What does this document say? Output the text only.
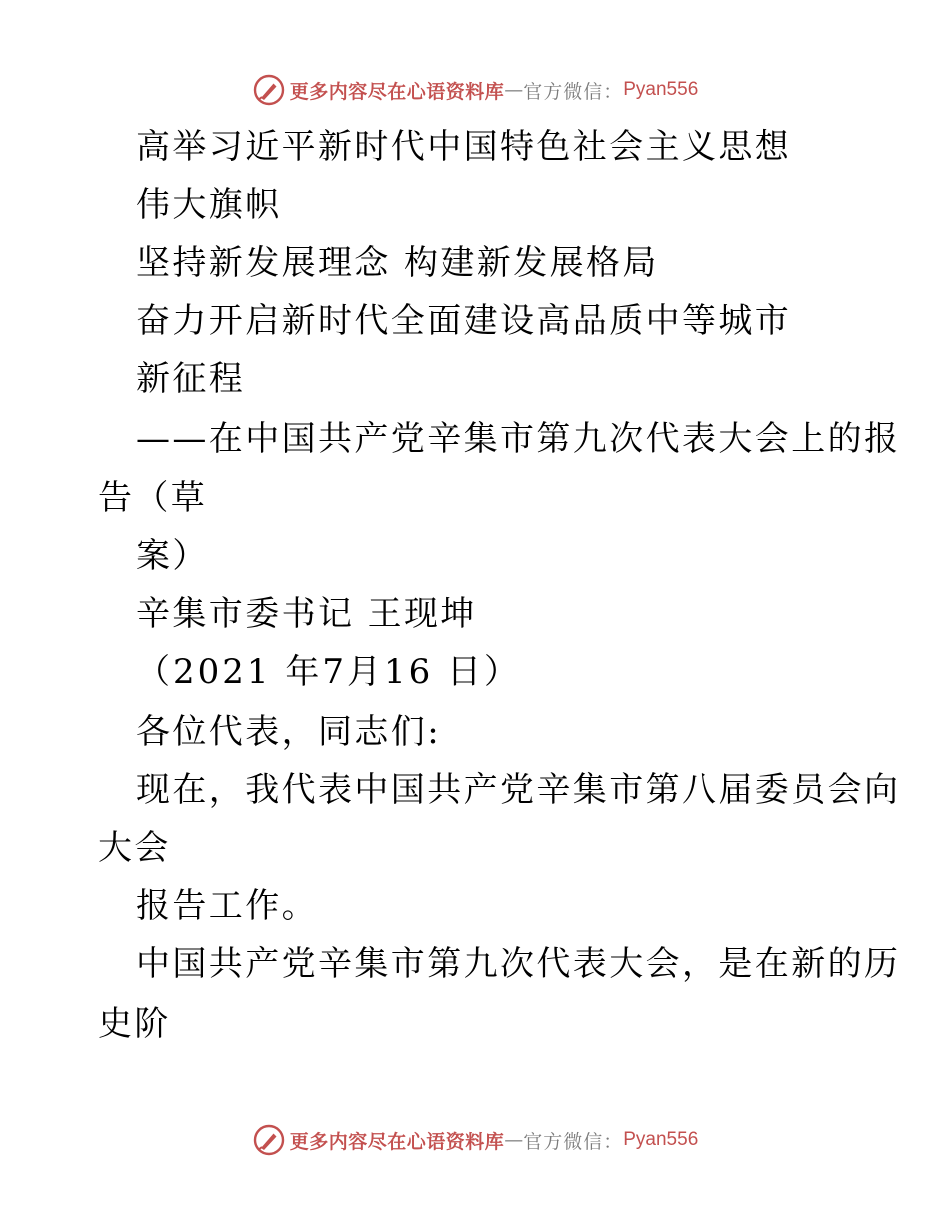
更多内容尽在心语资料库 — 官方微信： Pyan556
高举习近平新时代中国特色社会主义思想
伟大旗帜
坚持新发展理念 构建新发展格局
奋力开启新时代全面建设高品质中等城市
新征程
——在中国共产党辛集市第九次代表大会上的报
告（草
案）
辛集市委书记 王现坤
（2021 年7月16 日）
各位代表，同志们:
现在，我代表中国共产党辛集市第八届委员会向
大会
报告工作。
中国共产党辛集市第九次代表大会，是在新的历
史阶
更多内容尽在心语资料库 — 官方微信： Pyan556
